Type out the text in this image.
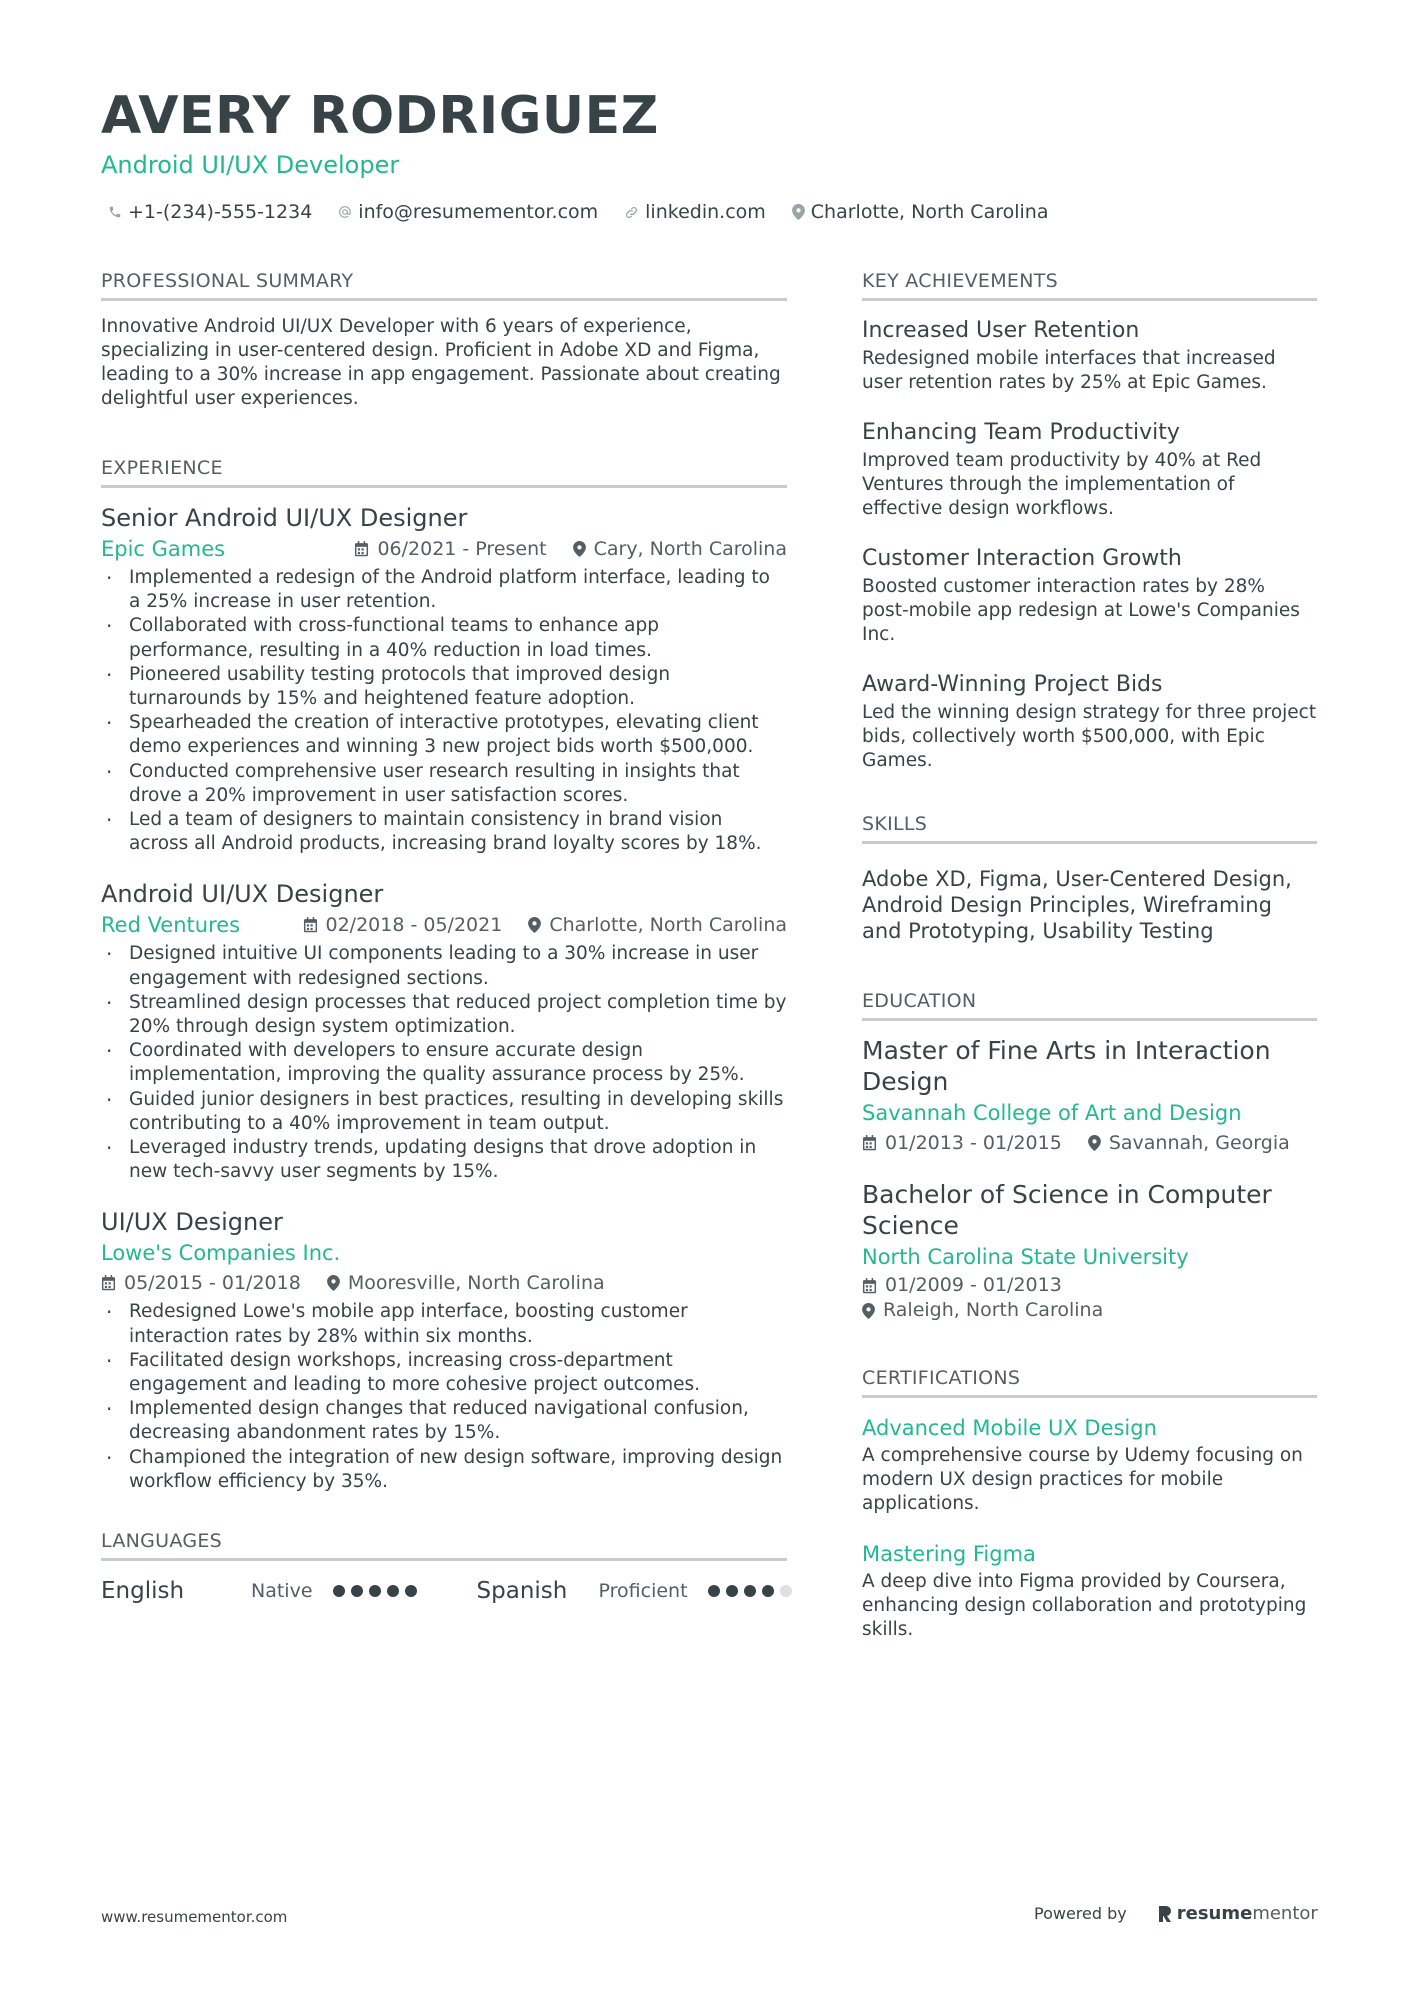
AVERY RODRIGUEZ
Android UI/UX Developer
+1-(234)-555-1234 info@resumementor.com linkedin.com Charlotte, North Carolina
PROFESSIONAL SUMMARY
Innovative Android UI/UX Developer with 6 years of experience, specializing in user-centered design. Proficient in Adobe XD and Figma, leading to a 30% increase in app engagement. Passionate about creating delightful user experiences.
EXPERIENCE
Senior Android UI/UX Designer
Epic Games	06/2021 - Present Cary, North Carolina
· Implemented a redesign of the Android platform interface, leading to a 25% increase in user retention.
· Collaborated with cross-functional teams to enhance app performance, resulting in a 40% reduction in load times.
· Pioneered usability testing protocols that improved design turnarounds by 15% and heightened feature adoption.
· Spearheaded the creation of interactive prototypes, elevating client demo experiences and winning 3 new project bids worth $500,000.
· Conducted comprehensive user research resulting in insights that drove a 20% improvement in user satisfaction scores.
· Led a team of designers to maintain consistency in brand vision across all Android products, increasing brand loyalty scores by 18%.
Android UI/UX Designer
Red Ventures	02/2018 - 05/2021 Charlotte, North Carolina
· Designed intuitive UI components leading to a 30% increase in user engagement with redesigned sections.
· Streamlined design processes that reduced project completion time by 20% through design system optimization.
· Coordinated with developers to ensure accurate design implementation, improving the quality assurance process by 25%.
· Guided junior designers in best practices, resulting in developing skills contributing to a 40% improvement in team output.
· Leveraged industry trends, updating designs that drove adoption in new tech-savvy user segments by 15%.
UI/UX Designer
Lowe's Companies Inc.
05/2015 - 01/2018 Mooresville, North Carolina
· Redesigned Lowe's mobile app interface, boosting customer interaction rates by 28% within six months.
· Facilitated design workshops, increasing cross-department engagement and leading to more cohesive project outcomes.
· Implemented design changes that reduced navigational confusion, decreasing abandonment rates by 15%.
· Championed the integration of new design software, improving design workflow efficiency by 35%.
LANGUAGES
English	Native	Spanish	Proficient
KEY ACHIEVEMENTS
Increased User Retention
Redesigned mobile interfaces that increased user retention rates by 25% at Epic Games.
Enhancing Team Productivity
Improved team productivity by 40% at Red Ventures through the implementation of effective design workflows.
Customer Interaction Growth
Boosted customer interaction rates by 28% post-mobile app redesign at Lowe's Companies Inc.
Award-Winning Project Bids
Led the winning design strategy for three project bids, collectively worth $500,000, with Epic Games.
SKILLS
Adobe XD, Figma, User-Centered Design, Android Design Principles, Wireframing and Prototyping, Usability Testing
EDUCATION
Master of Fine Arts in Interaction Design
Savannah College of Art and Design
01/2013 - 01/2015 Savannah, Georgia
Bachelor of Science in Computer Science
North Carolina State University
01/2009 - 01/2013
Raleigh, North Carolina
CERTIFICATIONS
Advanced Mobile UX Design
A comprehensive course by Udemy focusing on modern UX design practices for mobile applications.
Mastering Figma
A deep dive into Figma provided by Coursera, enhancing design collaboration and prototyping skills.
www.resumementor.com	Powered by	resume mentor
